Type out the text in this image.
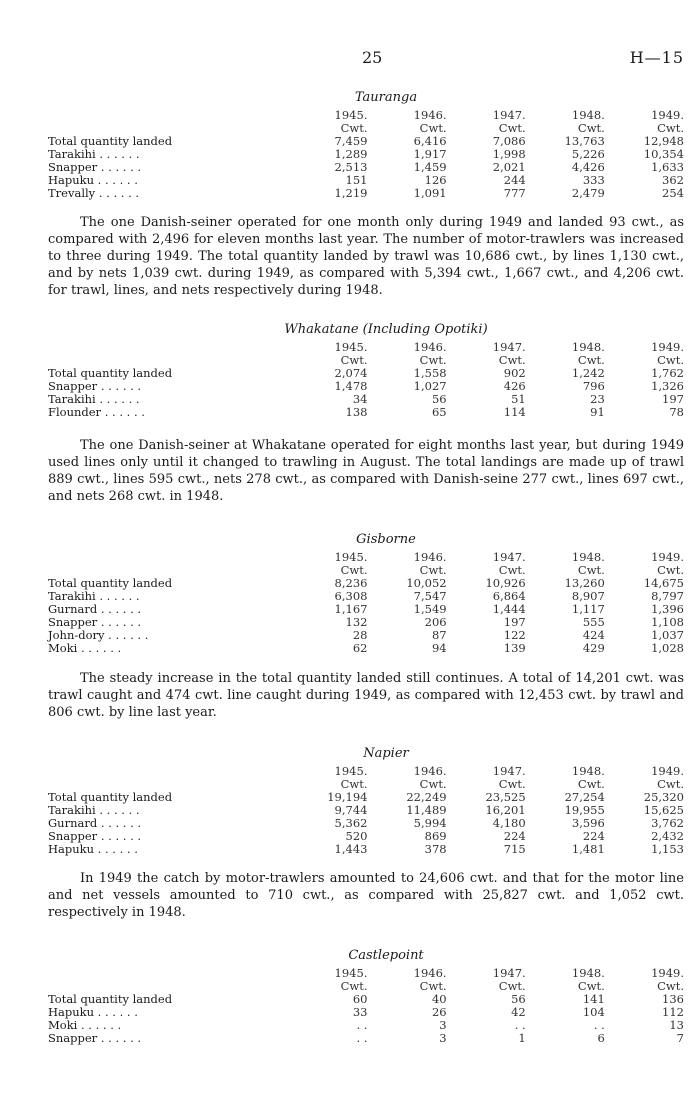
25	H—15
Tauranga
	1945.	1946.	1947.	1948.	1949.
	Cwt.	Cwt.	Cwt.	Cwt.	Cwt.
Total quantity landed	7,459	6,416	7,086	13,763	12,948
Tarakihi . . . . . .	1,289	1,917	1,998	5,226	10,354
Snapper . . . . . .	2,513	1,459	2,021	4,426	1,633
Hapuku . . . . . .	151	126	244	333	362
Trevally . . . . . .	1,219	1,091	777	2,479	254

The one Danish-seiner operated for one month only during 1949 and landed 93 cwt., as compared with 2,496 for eleven months last year. The number of motor-trawlers was increased to three during 1949. The total quantity landed by trawl was 10,686 cwt., by lines 1,130 cwt., and by nets 1,039 cwt. during 1949, as compared with 5,394 cwt., 1,667 cwt., and 4,206 cwt. for trawl, lines, and nets respectively during 1948.

Whakatane (Including Opotiki)
	1945.	1946.	1947.	1948.	1949.
	Cwt.	Cwt.	Cwt.	Cwt.	Cwt.
Total quantity landed	2,074	1,558	902	1,242	1,762
Snapper . . . . . .	1,478	1,027	426	796	1,326
Tarakihi . . . . . .	34	56	51	23	197
Flounder . . . . . .	138	65	114	91	78

The one Danish-seiner at Whakatane operated for eight months last year, but during 1949 used lines only until it changed to trawling in August. The total landings are made up of trawl 889 cwt., lines 595 cwt., nets 278 cwt., as compared with Danish-seine 277 cwt., lines 697 cwt., and nets 268 cwt. in 1948.

Gisborne
	1945.	1946.	1947.	1948.	1949.
	Cwt.	Cwt.	Cwt.	Cwt.	Cwt.
Total quantity landed	8,236	10,052	10,926	13,260	14,675
Tarakihi . . . . . .	6,308	7,547	6,864	8,907	8,797
Gurnard . . . . . .	1,167	1,549	1,444	1,117	1,396
Snapper . . . . . .	132	206	197	555	1,108
John-dory . . . . . .	28	87	122	424	1,037
Moki . . . . . .	62	94	139	429	1,028

The steady increase in the total quantity landed still continues. A total of 14,201 cwt. was trawl caught and 474 cwt. line caught during 1949, as compared with 12,453 cwt. by trawl and 806 cwt. by line last year.

Napier
	1945.	1946.	1947.	1948.	1949.
	Cwt.	Cwt.	Cwt.	Cwt.	Cwt.
Total quantity landed	19,194	22,249	23,525	27,254	25,320
Tarakihi . . . . . .	9,744	11,489	16,201	19,955	15,625
Gurnard . . . . . .	5,362	5,994	4,180	3,596	3,762
Snapper . . . . . .	520	869	224	224	2,432
Hapuku . . . . . .	1,443	378	715	1,481	1,153

In 1949 the catch by motor-trawlers amounted to 24,606 cwt. and that for the motor line and net vessels amounted to 710 cwt., as compared with 25,827 cwt. and 1,052 cwt. respectively in 1948.

Castlepoint
	1945.	1946.	1947.	1948.	1949.
	Cwt.	Cwt.	Cwt.	Cwt.	Cwt.
Total quantity landed	60	40	56	141	136
Hapuku . . . . . .	33	26	42	104	112
Moki . . . . . .	. .	3	. .	. .	13
Snapper . . . . . .	. .	3	1	6	7
